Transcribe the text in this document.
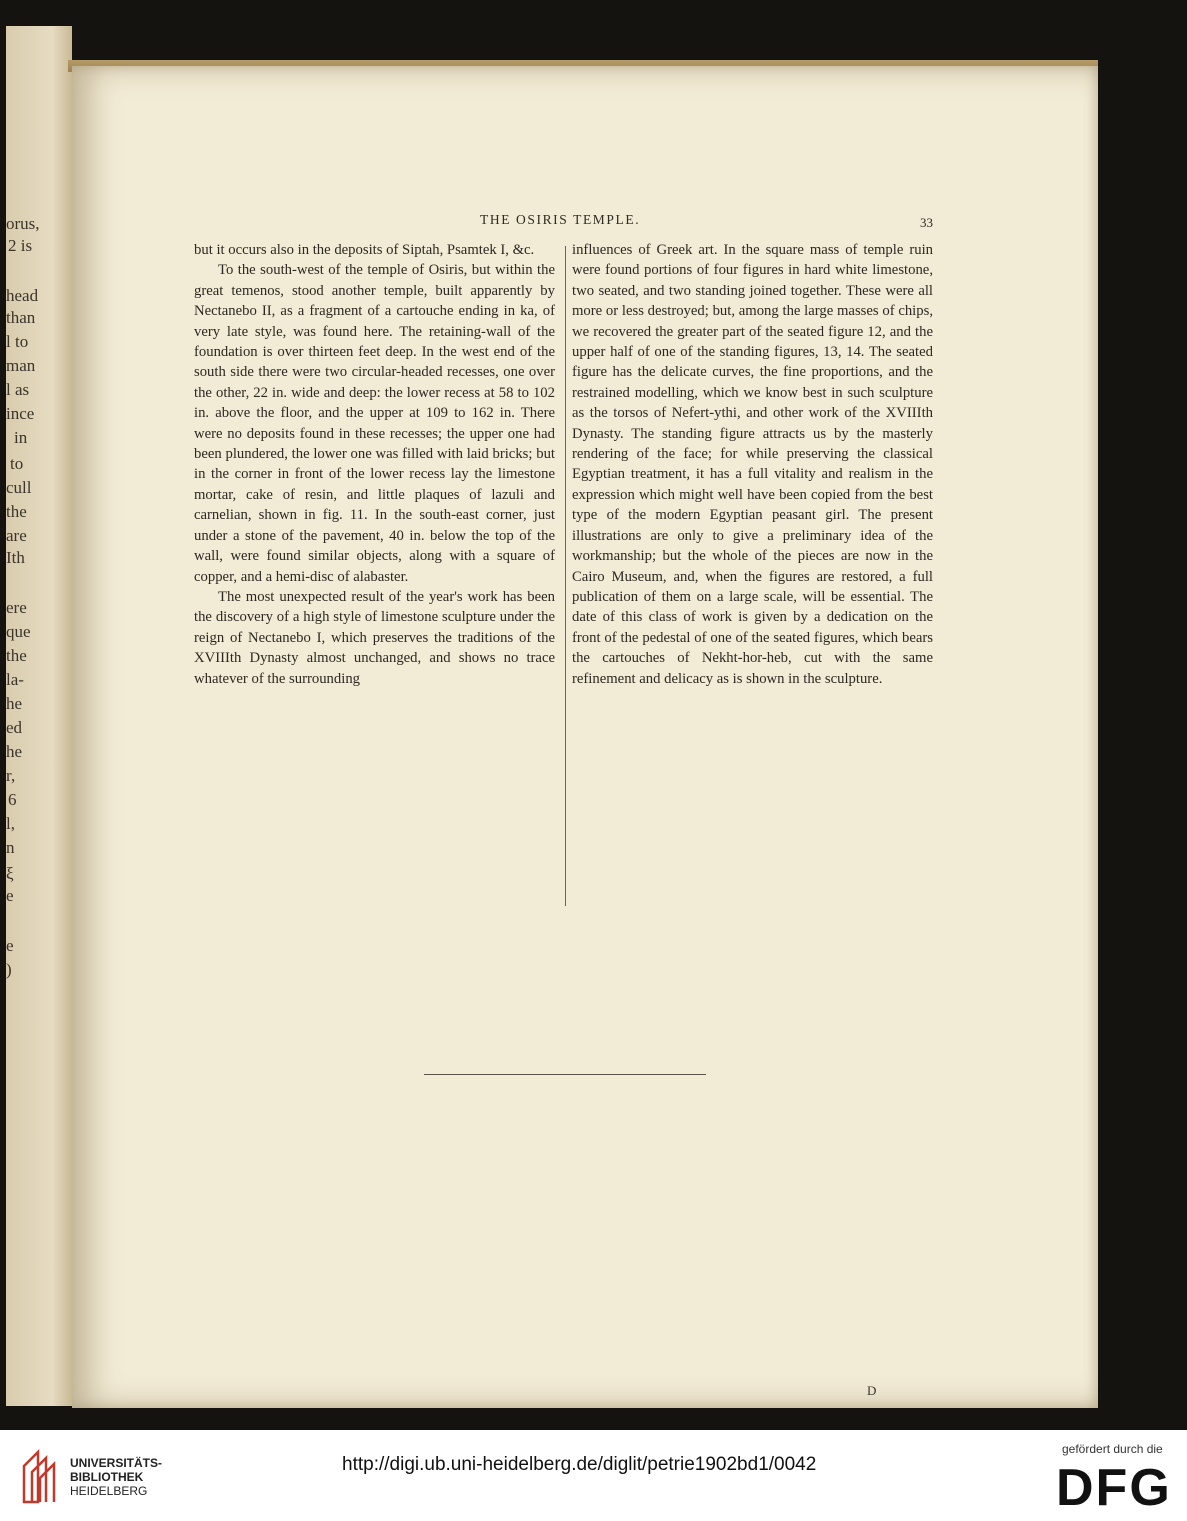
orus,
2 is
head
than
l to
man
l as
ince
in
to
cull
the
are
Ith
ere
que
the
la-
he
ed
he
r,
6
l,
n
ξ
e
e
)
THE OSIRIS TEMPLE.	33

but it occurs also in the deposits of Siptah, Psamtek I, &c.

To the south-west of the temple of Osiris, but within the great temenos, stood another temple, built apparently by Nectanebo II, as a fragment of a cartouche ending in ka, of very late style, was found here. The retaining-wall of the foundation is over thirteen feet deep. In the west end of the south side there were two circular-headed recesses, one over the other, 22 in. wide and deep: the lower recess at 58 to 102 in. above the floor, and the upper at 109 to 162 in. There were no deposits found in these recesses; the upper one had been plundered, the lower one was filled with laid bricks; but in the corner in front of the lower recess lay the limestone mortar, cake of resin, and little plaques of lazuli and carnelian, shown in fig. 11. In the south-east corner, just under a stone of the pavement, 40 in. below the top of the wall, were found similar objects, along with a square of copper, and a hemi-disc of alabaster.

The most unexpected result of the year's work has been the discovery of a high style of limestone sculpture under the reign of Nectanebo I, which preserves the traditions of the XVIIIth Dynasty almost unchanged, and shows no trace whatever of the surrounding

influences of Greek art. In the square mass of temple ruin were found portions of four figures in hard white limestone, two seated, and two standing joined together. These were all more or less destroyed; but, among the large masses of chips, we recovered the greater part of the seated figure 12, and the upper half of one of the standing figures, 13, 14. The seated figure has the delicate curves, the fine proportions, and the restrained modelling, which we know best in such sculpture as the torsos of Nefert-ythi, and other work of the XVIIIth Dynasty. The standing figure attracts us by the masterly rendering of the face; for while preserving the classical Egyptian treatment, it has a full vitality and realism in the expression which might well have been copied from the best type of the modern Egyptian peasant girl. The present illustrations are only to give a preliminary idea of the workmanship; but the whole of the pieces are now in the Cairo Museum, and, when the figures are restored, a full publication of them on a large scale, will be essential. The date of this class of work is given by a dedication on the front of the pedestal of one of the seated figures, which bears the cartouches of Nekht-hor-heb, cut with the same refinement and delicacy as is shown in the sculpture.

D
UNIVERSITÄTS-
BIBLIOTHEK
HEIDELBERG
http://digi.ub.uni-heidelberg.de/diglit/petrie1902bd1/0042
gefördert durch die
DFG
